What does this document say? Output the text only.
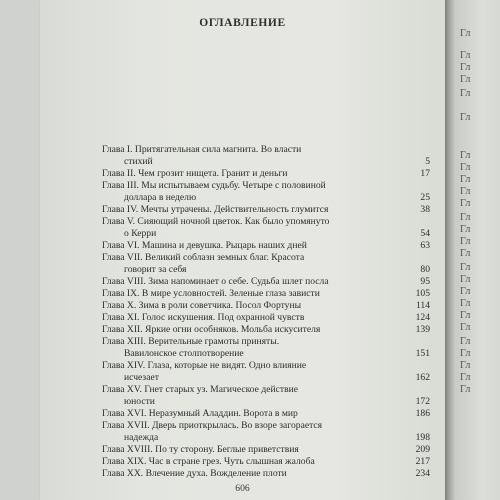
ОГЛАВЛЕНИЕ
Глава I. Притягательная сила магнита. Во власти
5
стихий
17
Глава II. Чем грозит нищета. Гранит и деньги
Глава III. Мы испытываем судьбу. Четыре с половиной
25
доллара в неделю
38
Глава IV. Мечты утрачены. Действительность глумится
Глава V. Сияющий ночной цветок. Как было упомянуто
54
о Керри
63
Глава VI. Машина и девушка. Рыцарь наших дней
Глава VII. Великий соблазн земных благ. Красота
80
говорит за себя
95
Глава VIII. Зима напоминает о себе. Судьба шлет посла
105
Глава IX. В мире условностей. Зеленые глаза зависти
114
Глава X. Зима в роли советчика. Посол Фортуны
124
Глава XI. Голос искушения. Под охранной чувств
139
Глава XII. Яркие огни особняков. Мольба искусителя
Глава XIII. Верительные грамоты приняты.
151
Вавилонское столпотворение
Глава XIV. Глаза, которые не видят. Одно влияние
162
исчезает
Глава XV. Гнет старых уз. Магическое действие
172
юности
186
Глава XVI. Неразумный Аладдин. Ворота в мир
Глава XVII. Дверь приоткрылась. Во взоре загорается
198
надежда
209
Глава XVIII. По ту сторону. Беглые приветствия
217
Глава XIX. Час в стране грез. Чуть слышная жалоба
234
Глава XX. Влечение духа. Вожделение плоти
606
Гл
Гл
Гл
Гл
Гл
Гл
Гл
Гл
Гл
Гл
Гл
Гл
Гл
Гл
Гл
Гл
Гл
Гл
Гл
Гл
Гл
Гл
Гл
Гл
Гл
Гл
